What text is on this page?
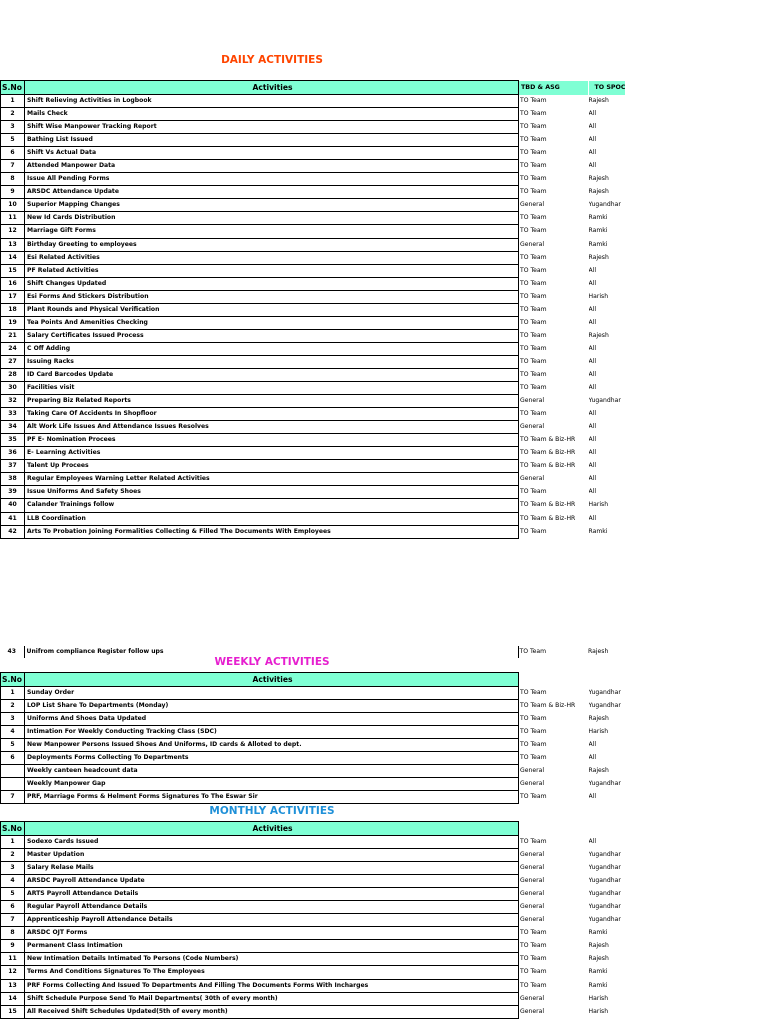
DAILY ACTIVITIES
S.No	Activities	TBD & ASG	TO SPOC
1	Shift Relieving Activities in Logbook	TO Team	Rajesh
2	Mails Check	TO Team	All
3	Shift Wise Manpower Tracking Report	TO Team	All
5	Bathing List Issued	TO Team	All
6	Shift Vs Actual Data	TO Team	All
7	Attended Manpower Data	TO Team	All
8	Issue All Pending Forms	TO Team	Rajesh
9	ARSDC Attendance Update	TO Team	Rajesh
10	Superior Mapping Changes	General	Yugandhar
11	New Id Cards Distribution	TO Team	Ramki
12	Marriage Gift Forms	TO Team	Ramki
13	Birthday Greeting to employees	General	Ramki
14	Esi Related Activities	TO Team	Rajesh
15	PF Related Activities	TO Team	All
16	Shift Changes Updated	TO Team	All
17	Esi Forms And Stickers Distribution	TO Team	Harish
18	Plant Rounds and Physical Verification	TO Team	All
19	Tea Points And Amenities Checking	TO Team	All
21	Salary Certificates Issued Process	TO Team	Rajesh
24	C Off Adding	TO Team	All
27	Issuing Racks	TO Team	All
28	ID Card Barcodes Update	TO Team	All
30	Facilities visit	TO Team	All
32	Preparing Biz Related Reports	General	Yugandhar
33	Taking Care Of Accidents In Shopfloor	TO Team	All
34	Alt Work Life Issues And Attendance Issues Resolves	General	All
35	PF E- Nomination Procees	TO Team & Biz-HR	All
36	E- Learning Activities	TO Team & Biz-HR	All
37	Talent Up Procees	TO Team & Biz-HR	All
38	Regular Employees Warning Letter Related Activities	General	All
39	Issue Uniforms And Safety Shoes	TO Team	All
40	Calander Trainings follow	TO Team & Biz-HR	Harish
41	LLB Coordination	TO Team & Biz-HR	All
42	Arts To Probation Joining Formalities Collecting & Filled The Documents With Employees	TO Team	Ramki
43	Unifrom compliance Register follow ups	TO Team	Rajesh
WEEKLY ACTIVITIES
S.No	Activities		
1	Sunday Order	TO Team	Yugandhar
2	LOP List Share To Departments (Monday)	TO Team & Biz-HR	Yugandhar
3	Uniforms And Shoes Data Updated	TO Team	Rajesh
4	Intimation For Weekly Conducting Tracking Class (SDC)	TO Team	Harish
5	New Manpower Persons Issued Shoes And Uniforms, ID cards & Alloted to dept.	TO Team	All
6	Deployments Forms Collecting To Departments	TO Team	All
	Weekly canteen headcount data	General	Rajesh
	Weekly Manpower Gap	General	Yugandhar
7	PRF, Marriage Forms & Helment Forms Signatures To The Eswar Sir	TO Team	All
MONTHLY ACTIVITIES
S.No	Activities		
1	Sodexo Cards Issued	TO Team	All
2	Master Updation	General	Yugandhar
3	Salary Relase Mails	General	Yugandhar
4	ARSDC Payroll Attendance Update	General	Yugandhar
5	ARTS Payroll Attendance Details	General	Yugandhar
6	Regular Payroll Attendance Details	General	Yugandhar
7	Apprenticeship Payroll Attendance Details	General	Yugandhar
8	ARSDC OJT Forms	TO Team	Ramki
9	Permanent Class Intimation	TO Team	Rajesh
11	New Intimation Details Intimated To Persons (Code Numbers)	TO Team	Rajesh
12	Terms And Conditions Signatures To The Employees	TO Team	Ramki
13	PRF Forms Collecting And Issued To Departments And Filling The Documents Forms With Incharges	TO Team	Ramki
14	Shift Schedule Purpose Send To Mail Departments( 30th of every month)	General	Harish
15	All Received Shift Schedules Updated(5th of every month)	General	Harish
